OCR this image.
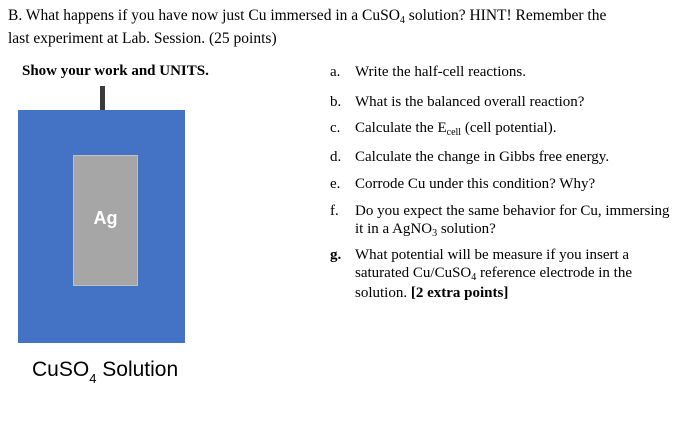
B. What happens if you have now just Cu immersed in a CuSO4 solution? HINT! Remember the
last experiment at Lab. Session. (25 points)
Show your work and UNITS.
Cu++ (0.1 M)
Ag
CuSO$_4$ Solution
a. Write the half-cell reactions.
b. What is the balanced overall reaction?
c. Calculate the $E_{cell}$ (cell potential).
d. Calculate the change in Gibbs free energy.
e. Corrode Cu under this condition? Why?
f. Do you expect the same behavior for Cu, immersing it in a AgNO$_3$ solution?
g. What potential will be measure if you insert a saturated Cu/CuSO$_4$ reference electrode in the solution. [2 extra points]
